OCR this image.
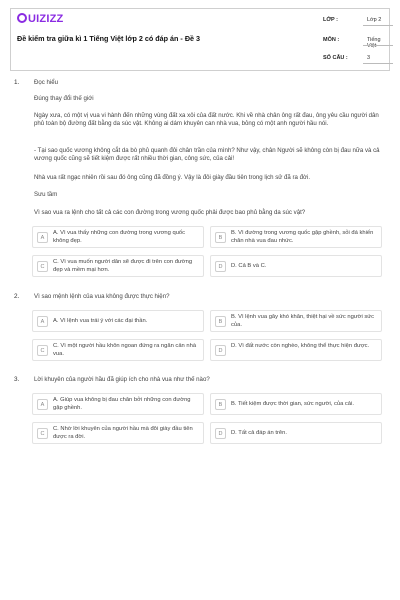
UIZIZZ
Đề kiểm tra giữa kì 1 Tiếng Việt lớp 2 có đáp án - Đề 3
LỚP :	Lớp 2
MÔN :	Tiếng Việt
SỐ CÂU :	3
1. Đọc hiểu
Đúng thay đổi thế giới
Ngày xưa, có một vị vua vi hành đến những vùng đất xa xôi của đất nước. Khi về nhà chân ông rất đau, ông yêu cầu người dân phủ toàn bộ đường đất bằng da súc vật. Không ai dám khuyên can nhà vua, bỏng có một anh người hầu nói.
- Tại sao quốc vương không cắt da bò phủ quanh đôi chân trần của mình? Như vậy, chân Người sẽ không còn bị đau nữa và cả vương quốc cũng sẽ tiết kiệm được rất nhiều thời gian, công sức, của cải!
Nhà vua rất ngạc nhiên rồi sau đó ông cũng đã đồng ý. Vậy là đôi giày đầu tiên trong lịch sử đã ra đời.
Sưu tầm
Vì sao vua ra lệnh cho tất cả các con đường trong vương quốc phải được bao phủ bằng da súc vật?
A
A. Vì vua thấy những con đường trong vương quốc không đẹp.	B
B. Vì đường trong vương quốc gập ghềnh, sỏi đá khiến chân nhà vua đau nhức.
C
C. Vì vua muốn người dân sẽ được đi trên con đường đẹp và mềm mại hơn.	D	D. Cả B và C.
2. Vì sao mệnh lệnh của vua không được thực hiện?
A	A. Vì lệnh vua trái ý với các đại thần.	B
B. Vì lệnh vua gây khó khăn, thiệt hại về sức người sức của.
C
C. Vì một người hầu khôn ngoan đứng ra ngăn cản nhà vua.	D
D. Vì đất nước còn nghèo, không thể thực hiện được.
3. Lời khuyên của người hầu đã giúp ích cho nhà vua như thế nào?
A
A. Giúp vua không bị đau chân bởi những con đường gập ghềnh.	B	B. Tiết kiệm được thời gian, sức người, của cải.
C
C. Nhờ lời khuyên của người hầu mà đôi giày đầu tiên được ra đời.	D	D. Tất cả đáp án trên.
